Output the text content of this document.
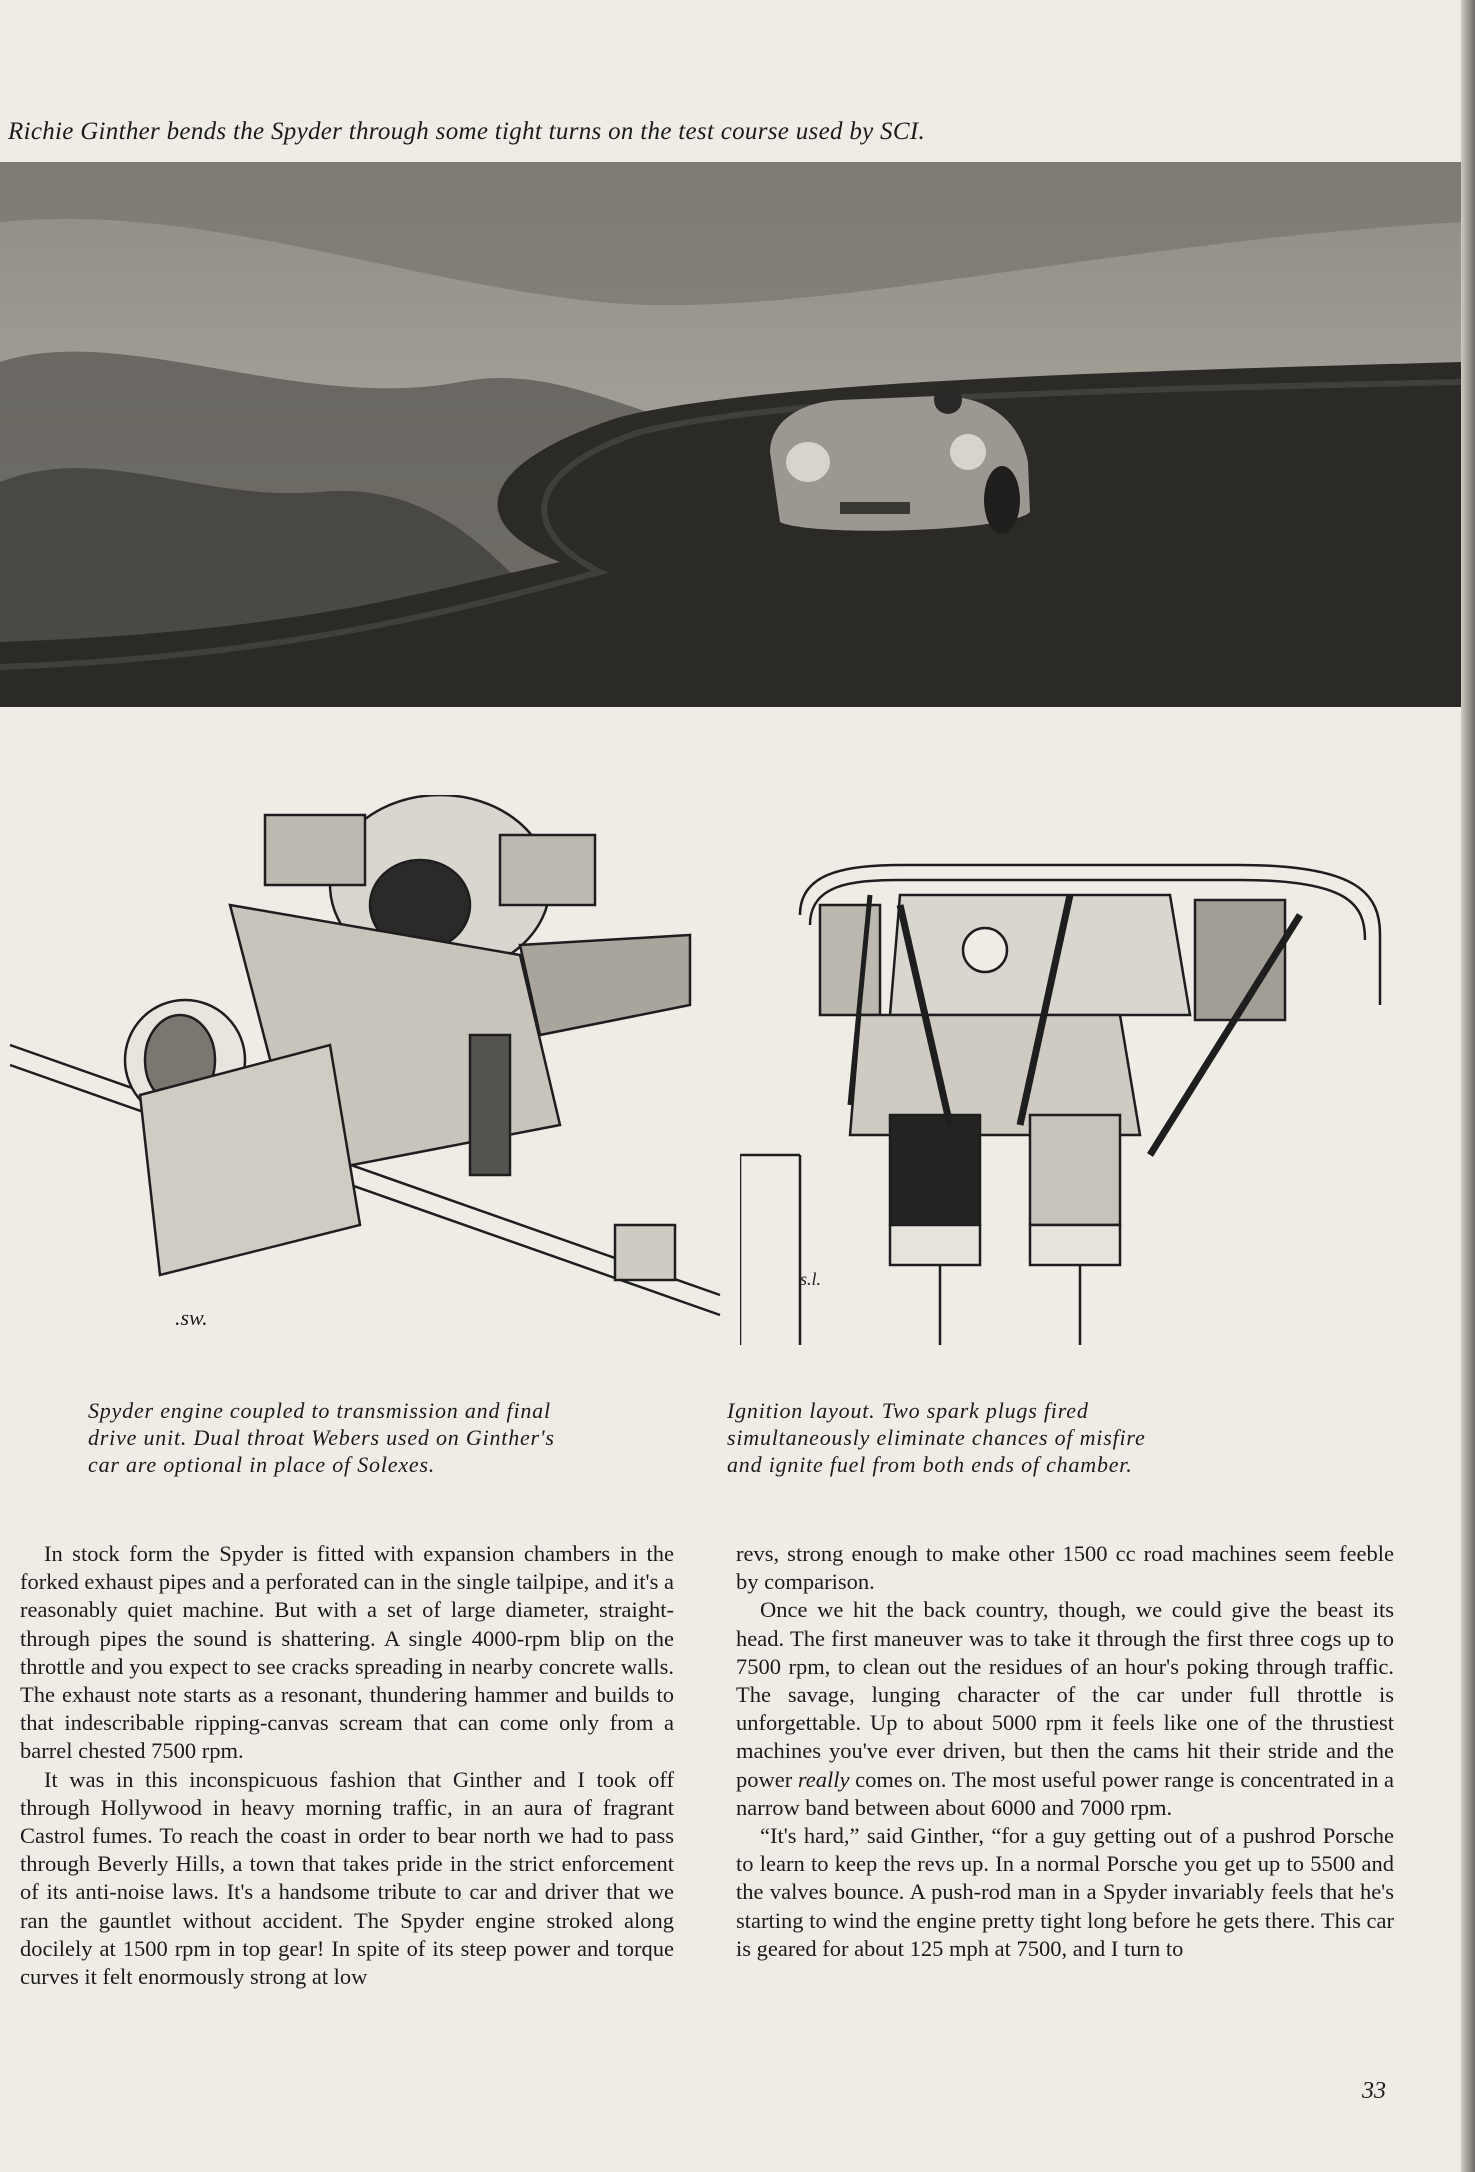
Richie Ginther bends the Spyder through some tight turns on the test course used by SCI.
.sw.
s.l.
Spyder engine coupled to transmission and final
drive unit. Dual throat Webers used on Ginther's
car are optional in place of Solexes.
Ignition layout. Two spark plugs fired
simultaneously eliminate chances of misfire
and ignite fuel from both ends of chamber.

In stock form the Spyder is fitted with expansion chambers in the forked exhaust pipes and a perforated can in the single tailpipe, and it's a reasonably quiet machine. But with a set of large diameter, straight-through pipes the sound is shattering. A single 4000-rpm blip on the throttle and you expect to see cracks spreading in nearby concrete walls. The exhaust note starts as a resonant, thundering hammer and builds to that indescribable ripping-canvas scream that can come only from a barrel chested 7500 rpm.

It was in this inconspicuous fashion that Ginther and I took off through Hollywood in heavy morning traffic, in an aura of fragrant Castrol fumes. To reach the coast in order to bear north we had to pass through Beverly Hills, a town that takes pride in the strict enforcement of its anti-noise laws. It's a handsome tribute to car and driver that we ran the gauntlet without accident. The Spyder engine stroked along docilely at 1500 rpm in top gear! In spite of its steep power and torque curves it felt enormously strong at low

revs, strong enough to make other 1500 cc road machines seem feeble by comparison.

Once we hit the back country, though, we could give the beast its head. The first maneuver was to take it through the first three cogs up to 7500 rpm, to clean out the residues of an hour's poking through traffic. The savage, lunging character of the car under full throttle is unforgettable. Up to about 5000 rpm it feels like one of the thrustiest machines you've ever driven, but then the cams hit their stride and the power really comes on. The most useful power range is concentrated in a narrow band between about 6000 and 7000 rpm.

“It's hard,” said Ginther, “for a guy getting out of a pushrod Porsche to learn to keep the revs up. In a normal Porsche you get up to 5500 and the valves bounce. A push-rod man in a Spyder invariably feels that he's starting to wind the engine pretty tight long before he gets there. This car is geared for about 125 mph at 7500, and I turn to

33
